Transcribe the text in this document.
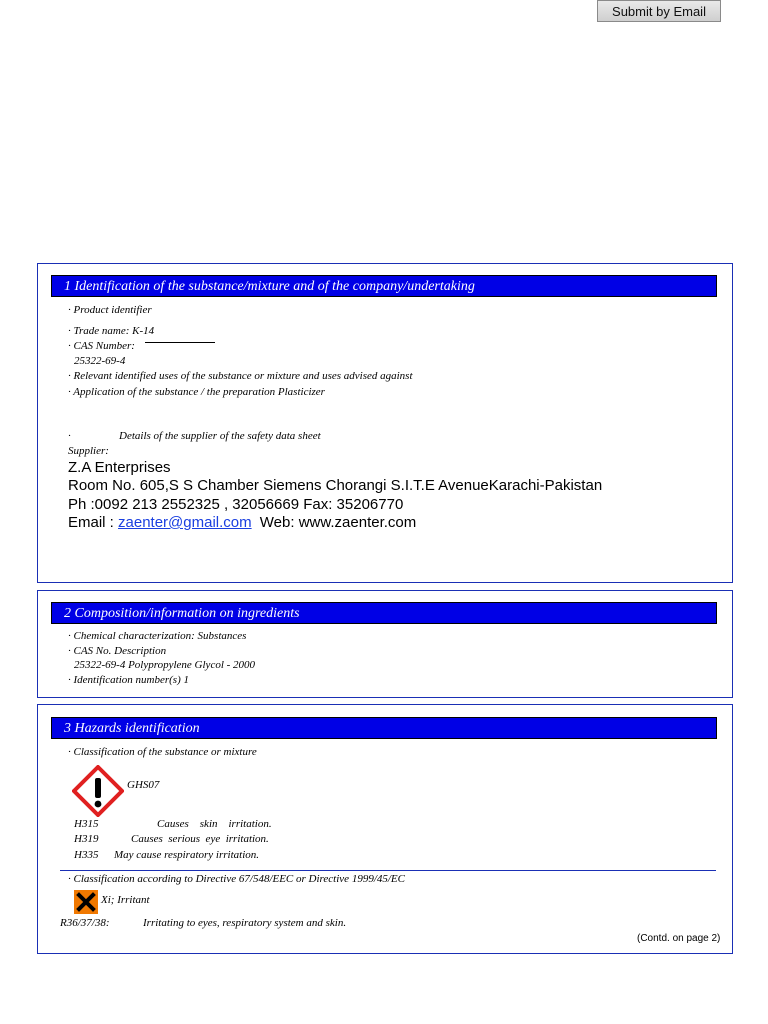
Submit by Email
1 Identification of the substance/mixture and of the company/undertaking
· Product identifier
· Trade name: K-14
· CAS Number:
25322-69-4
· Relevant identified uses of the substance or mixture and uses advised against
· Application of the substance / the preparation Plasticizer
·	Details of the supplier of the safety data sheet
Supplier:
Z.A Enterprises
Room No. 605,S S Chamber Siemens Chorangi S.I.T.E AvenueKarachi-Pakistan
Ph :0092 213 2552325 , 32056669 Fax: 35206770
Email : zaenter@gmail.com Web: www.zaenter.com
2 Composition/information on ingredients
· Chemical characterization: Substances
· CAS No. Description
25322-69-4 Polypropylene Glycol - 2000
· Identification number(s) 1
3 Hazards identification
· Classification of the substance or mixture
GHS07
H315	Causes    skin    irritation.
H319	Causes  serious  eye  irritation.
H335 May cause respiratory irritation.
· Classification according to Directive 67/548/EEC or Directive 1999/45/EC
Xi; Irritant
R36/37/38:	Irritating to eyes, respiratory system and skin.
(Contd. on page 2)
